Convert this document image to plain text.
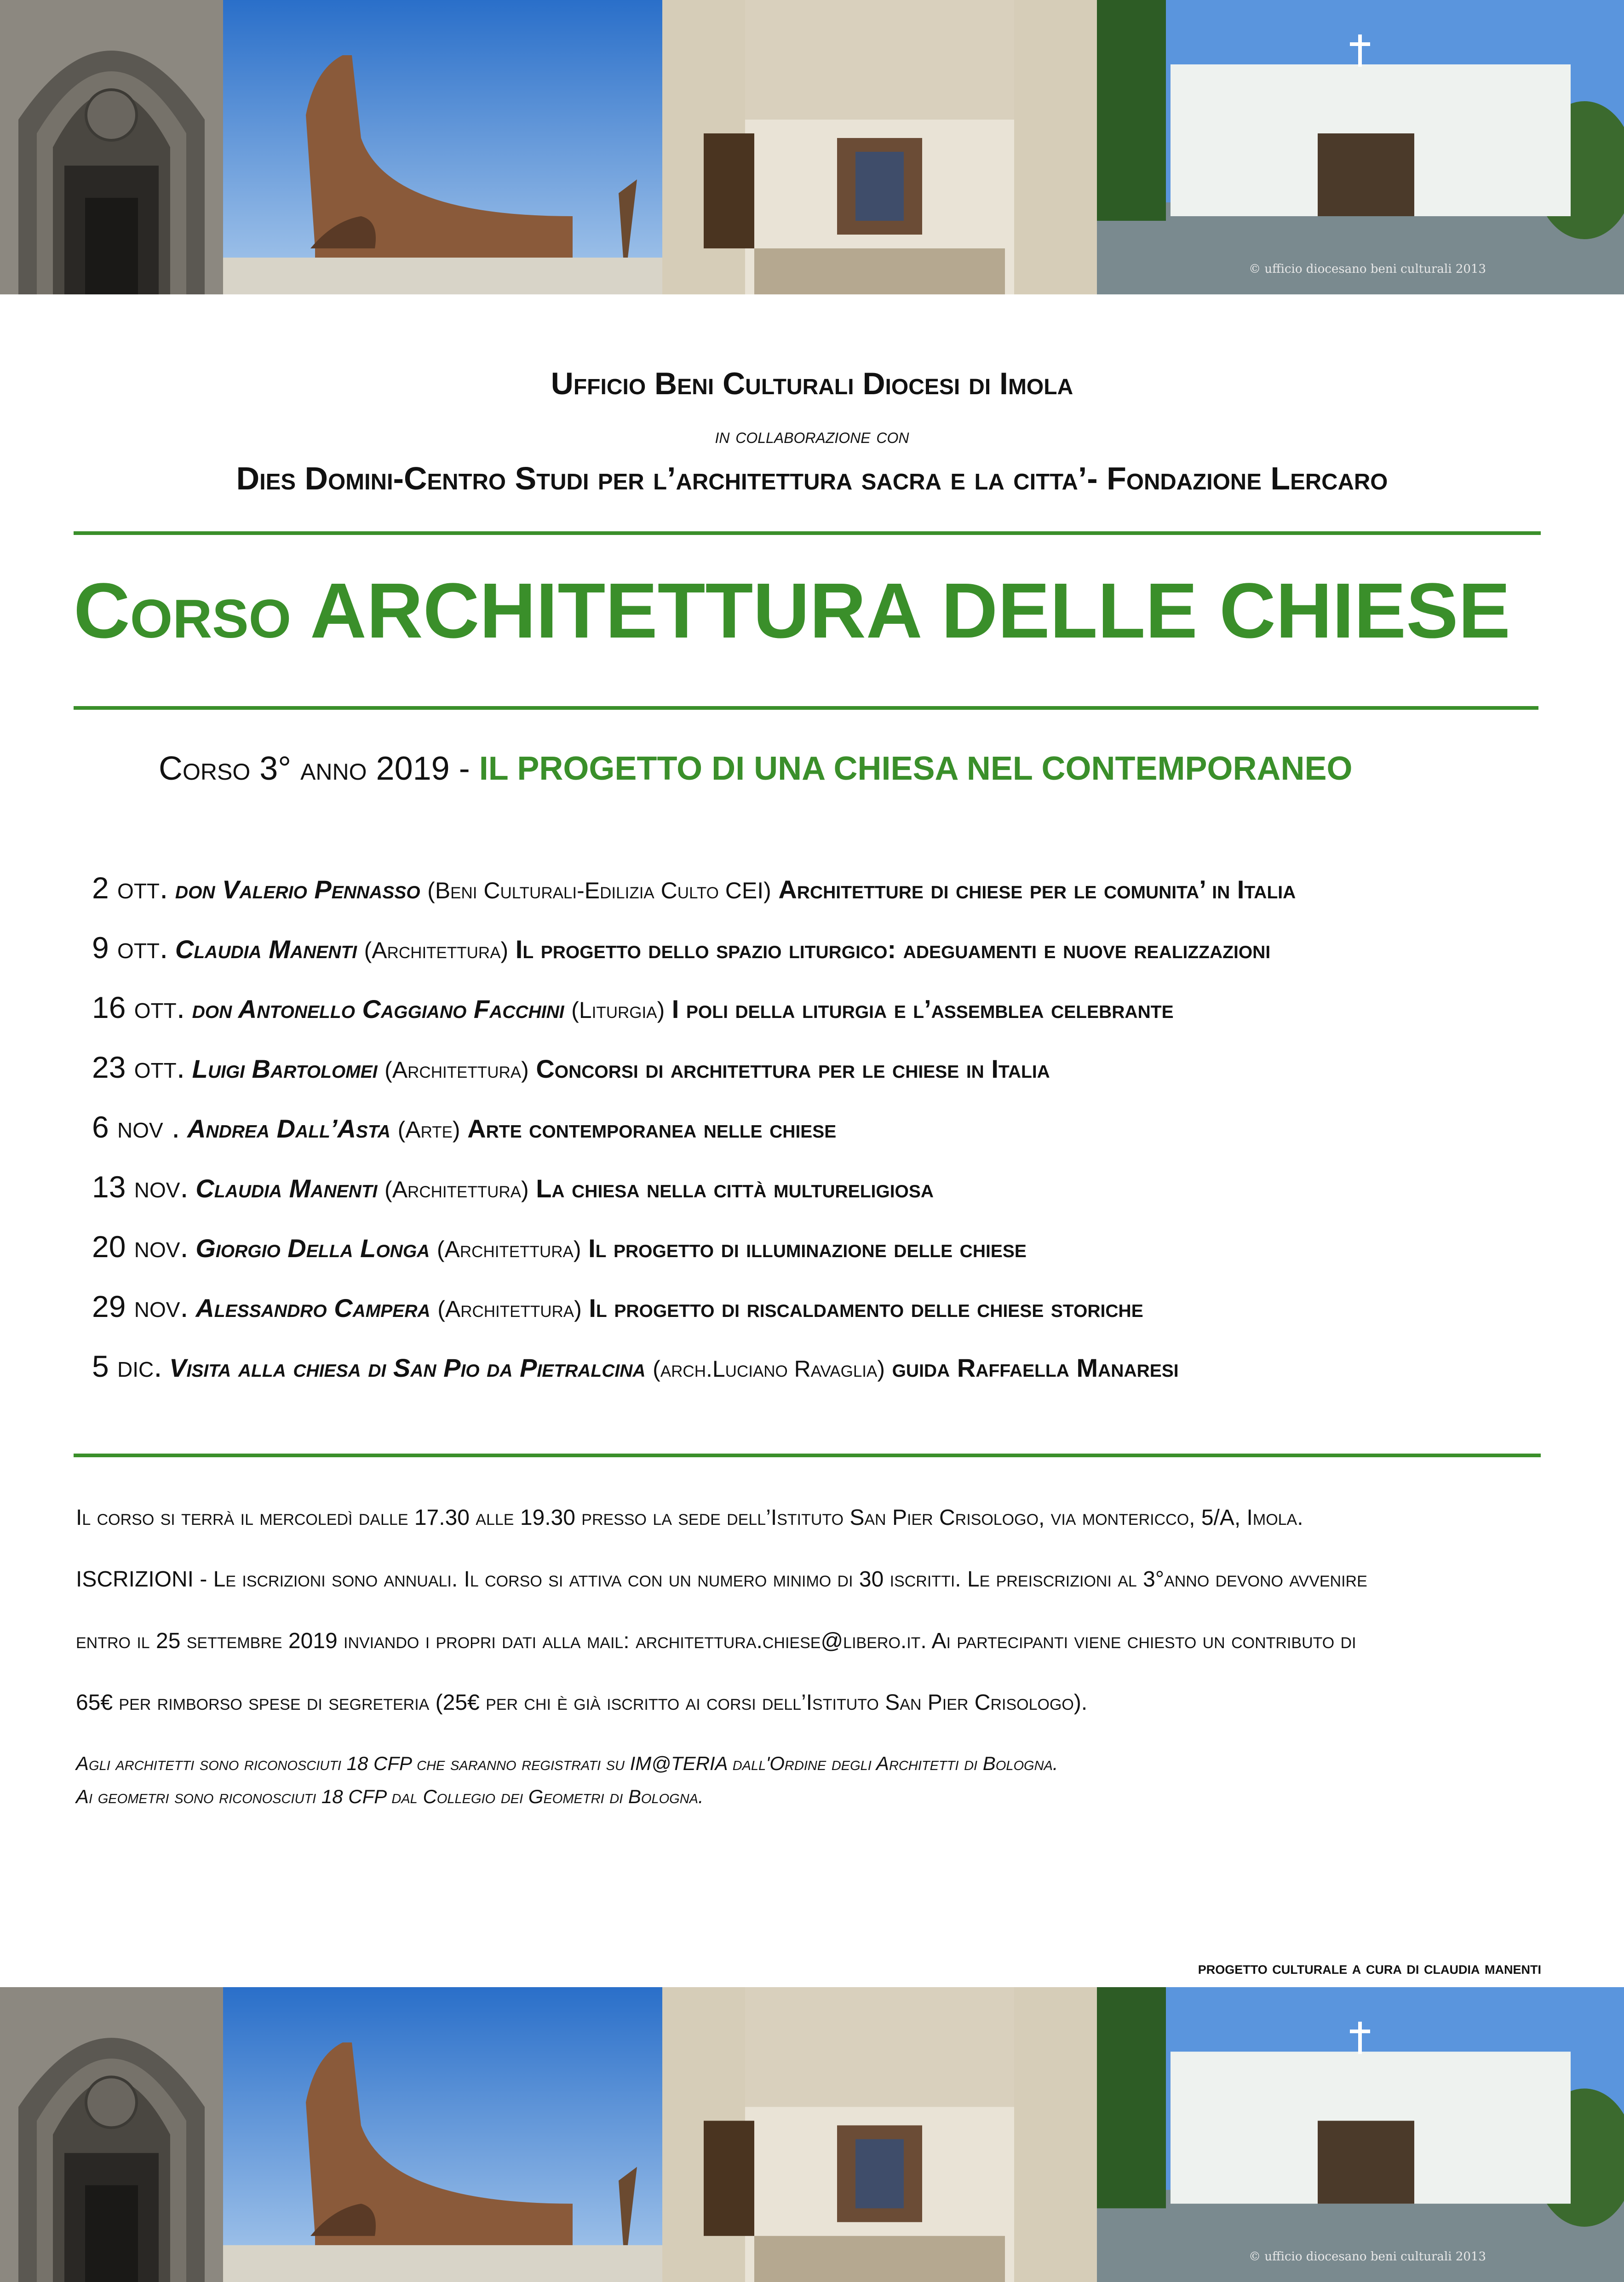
© ufficio diocesano beni culturali 2013
Ufficio Beni Culturali Diocesi di Imola
in collaborazione con
Dies Domini-Centro Studi per l’architettura sacra e la citta’- Fondazione Lercaro
Corso ARCHITETTURA DELLE CHIESE
Corso 3° anno 2019 - IL PROGETTO DI UNA CHIESA NEL CONTEMPORANEO
2 ott. don Valerio Pennasso (Beni Culturali-Edilizia Culto CEI) Architetture di chiese per le comunita’ in Italia
9 ott. Claudia Manenti (Architettura) Il progetto dello spazio liturgico: adeguamenti e nuove realizzazioni
16 ott. don Antonello Caggiano Facchini (Liturgia) I poli della liturgia e l’assemblea celebrante
23 ott. Luigi Bartolomei (Architettura) Concorsi di architettura per le chiese in Italia
6 nov . Andrea Dall’Asta (Arte) Arte contemporanea nelle chiese
13 nov. Claudia Manenti (Architettura) La chiesa nella città multureligiosa
20 nov. Giorgio Della Longa (Architettura) Il progetto di illuminazione delle chiese
29 nov. Alessandro Campera (Architettura) Il progetto di riscaldamento delle chiese storiche
5 dic. Visita alla chiesa di San Pio da Pietralcina (arch.Luciano Ravaglia) guida Raffaella Manaresi
Il corso si terrà il mercoledì dalle 17.30 alle 19.30 presso la sede dell’Istituto San Pier Crisologo, via montericco, 5/A, Imola.
ISCRIZIONI - Le iscrizioni sono annuali. Il corso si attiva con un numero minimo di 30 iscritti. Le preiscrizioni al 3°anno devono avvenire
entro il 25 settembre 2019 inviando i propri dati alla mail: architettura.chiese@libero.it. Ai partecipanti viene chiesto un contributo di
65€ per rimborso spese di segreteria (25€ per chi è già iscritto ai corsi dell’Istituto San Pier Crisologo).
Agli architetti sono riconosciuti 18 CFP che saranno registrati su IM@TERIA dall'Ordine degli Architetti di Bologna.
Ai geometri sono riconosciuti 18 CFP dal Collegio dei Geometri di Bologna.
progetto culturale a cura di claudia manenti
© ufficio diocesano beni culturali 2013
